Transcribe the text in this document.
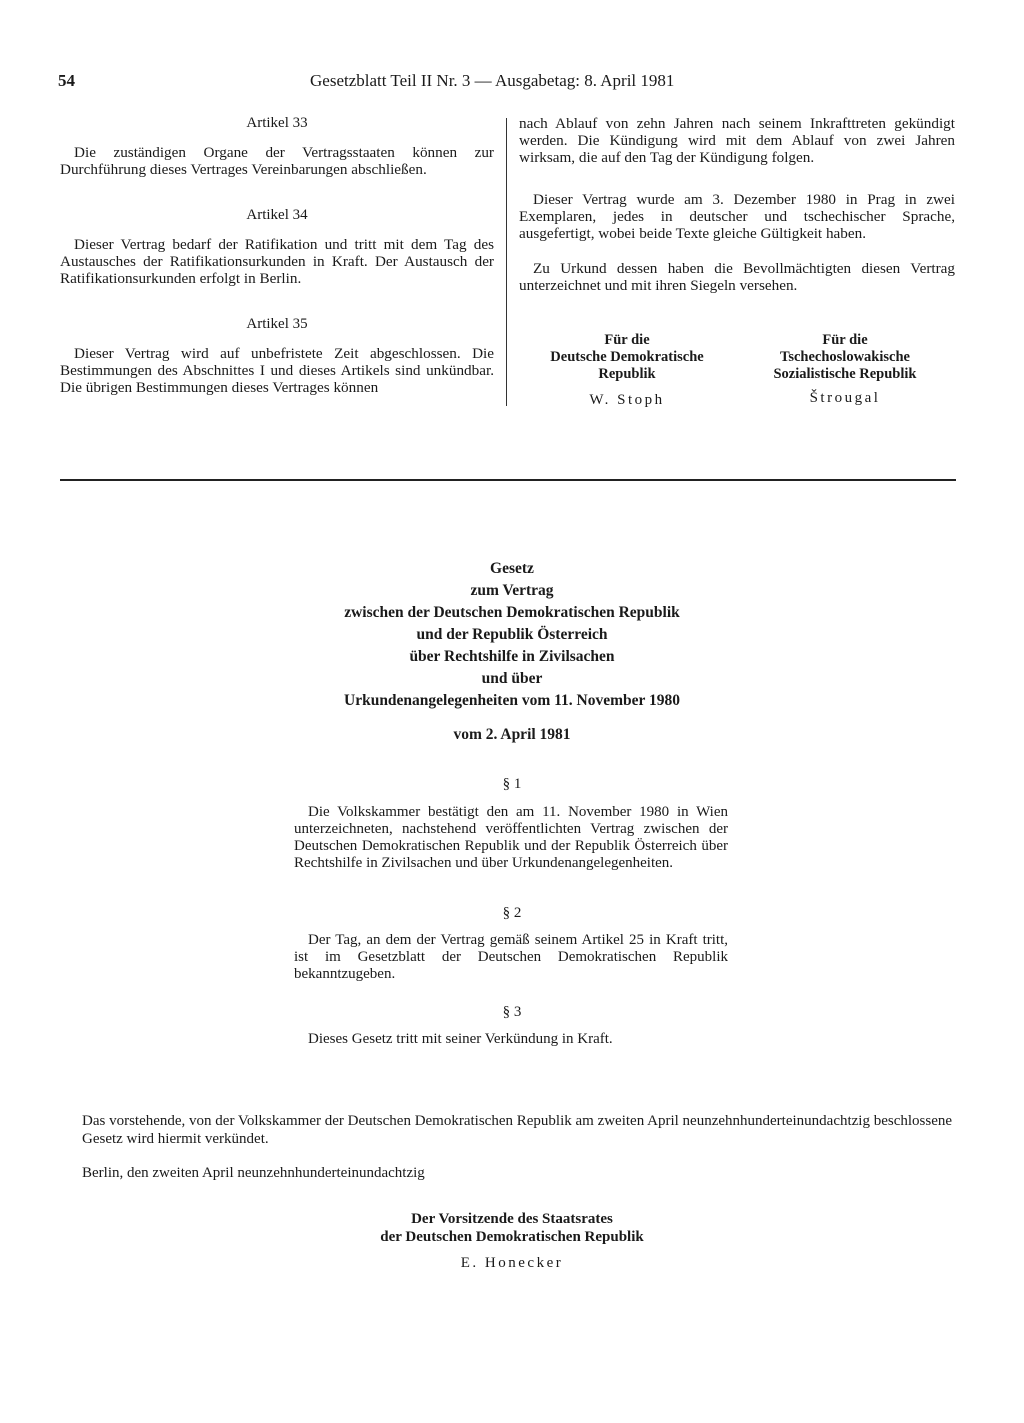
54	Gesetzblatt Teil II Nr. 3 — Ausgabetag: 8. April 1981
Artikel 33

Die zuständigen Organe der Vertragsstaaten können zur Durchführung dieses Vertrages Vereinbarungen abschließen.

Artikel 34

Dieser Vertrag bedarf der Ratifikation und tritt mit dem Tag des Austausches der Ratifikationsurkunden in Kraft. Der Austausch der Ratifikationsurkunden erfolgt in Berlin.

Artikel 35

Dieser Vertrag wird auf unbefristete Zeit abgeschlossen. Die Bestimmungen des Abschnittes I und dieses Artikels sind unkündbar. Die übrigen Bestimmungen dieses Vertrages können

nach Ablauf von zehn Jahren nach seinem Inkrafttreten gekündigt werden. Die Kündigung wird mit dem Ablauf von zwei Jahren wirksam, die auf den Tag der Kündigung folgen.

Dieser Vertrag wurde am 3. Dezember 1980 in Prag in zwei Exemplaren, jedes in deutscher und tschechischer Sprache, ausgefertigt, wobei beide Texte gleiche Gültigkeit haben.

Zu Urkund dessen haben die Bevollmächtigten diesen Vertrag unterzeichnet und mit ihren Siegeln versehen.

Für die
Deutsche Demokratische
Republik
W. Stoph
Für die
Tschechoslowakische
Sozialistische Republik
Štrougal
Gesetz
zum Vertrag
zwischen der Deutschen Demokratischen Republik
und der Republik Österreich
über Rechtshilfe in Zivilsachen
und über
Urkundenangelegenheiten vom 11. November 1980
vom 2. April 1981
§ 1

Die Volkskammer bestätigt den am 11. November 1980 in Wien unterzeichneten, nachstehend veröffentlichten Vertrag zwischen der Deutschen Demokratischen Republik und der Republik Österreich über Rechtshilfe in Zivilsachen und über Urkundenangelegenheiten.

§ 2

Der Tag, an dem der Vertrag gemäß seinem Artikel 25 in Kraft tritt, ist im Gesetzblatt der Deutschen Demokratischen Republik bekanntzugeben.

§ 3

Dieses Gesetz tritt mit seiner Verkündung in Kraft.

Das vorstehende, von der Volkskammer der Deutschen Demokratischen Republik am zweiten April neunzehnhunderteinundachtzig beschlossene Gesetz wird hiermit verkündet.

Berlin, den zweiten April neunzehnhunderteinundachtzig

Der Vorsitzende des Staatsrates
der Deutschen Demokratischen Republik
E. Honecker
